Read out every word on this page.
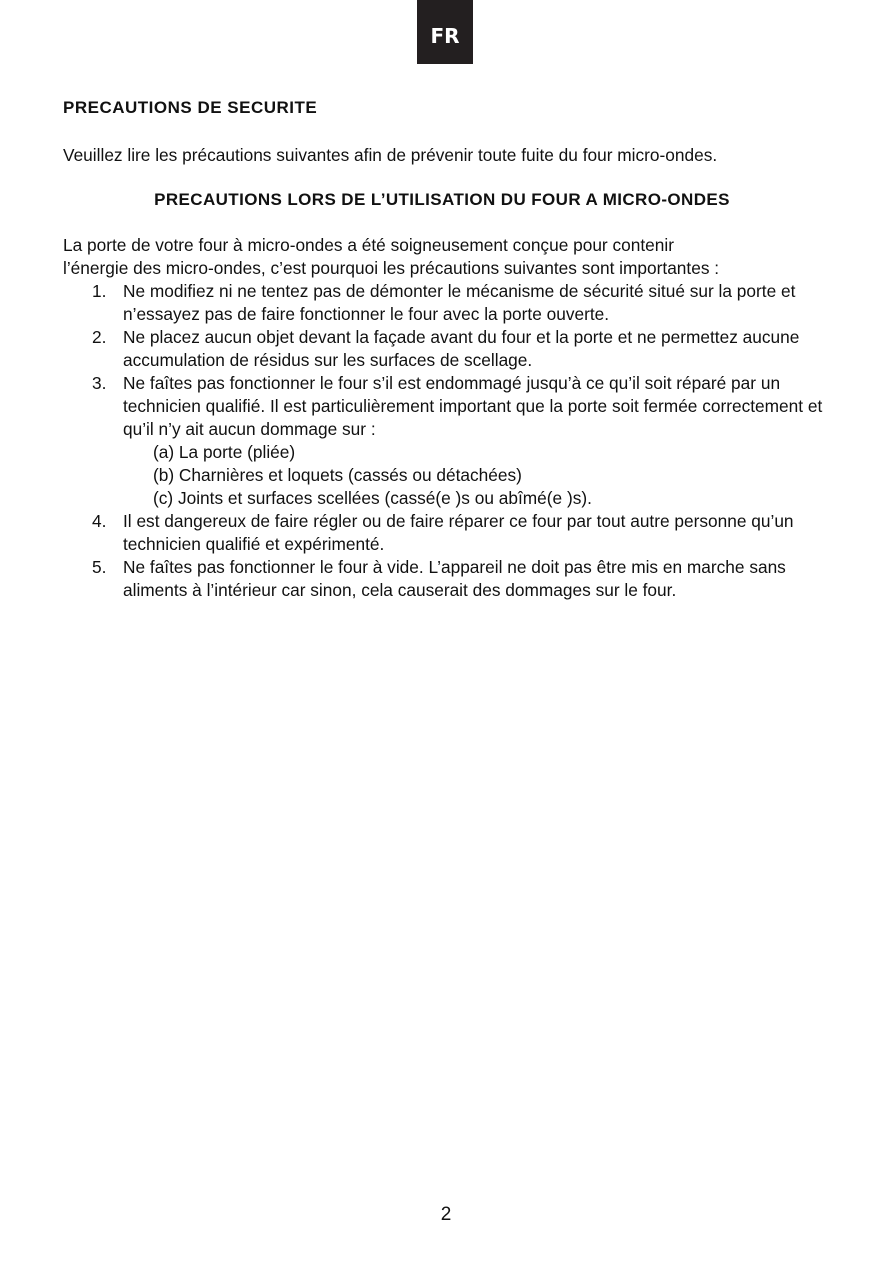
FR
PRECAUTIONS DE SECURITE

Veuillez lire les précautions suivantes afin de prévenir toute fuite du four micro-ondes.

PRECAUTIONS LORS DE L’UTILISATION DU FOUR A MICRO-ONDES

La porte de votre four à micro-ondes a été soigneusement conçue pour contenir
l’énergie des micro-ondes, c’est pourquoi les précautions suivantes sont importantes :

1. Ne modifiez ni ne tentez pas de démonter le mécanisme de sécurité situé sur la porte et n’essayez pas de faire fonctionner le four avec la porte ouverte.
2. Ne placez aucun objet devant la façade avant du four et la porte et ne permettez aucune accumulation de résidus sur les surfaces de scellage.
3. Ne faîtes pas fonctionner le four s’il est endommagé jusqu’à ce qu’il soit réparé par un technicien qualifié. Il est particulièrement important que la porte soit fermée correctement et qu’il n’y ait aucun dommage sur :
(a) La porte (pliée)
(b) Charnières et loquets (cassés ou détachées)
(c) Joints et surfaces scellées (cassé(e )s ou abîmé(e )s).
4. Il est dangereux de faire régler ou de faire réparer ce four par tout autre personne qu’un technicien qualifié et expérimenté.
5. Ne faîtes pas fonctionner le four à vide. L’appareil ne doit pas être mis en marche sans aliments à l’intérieur car sinon, cela causerait des dommages sur le four.
2
